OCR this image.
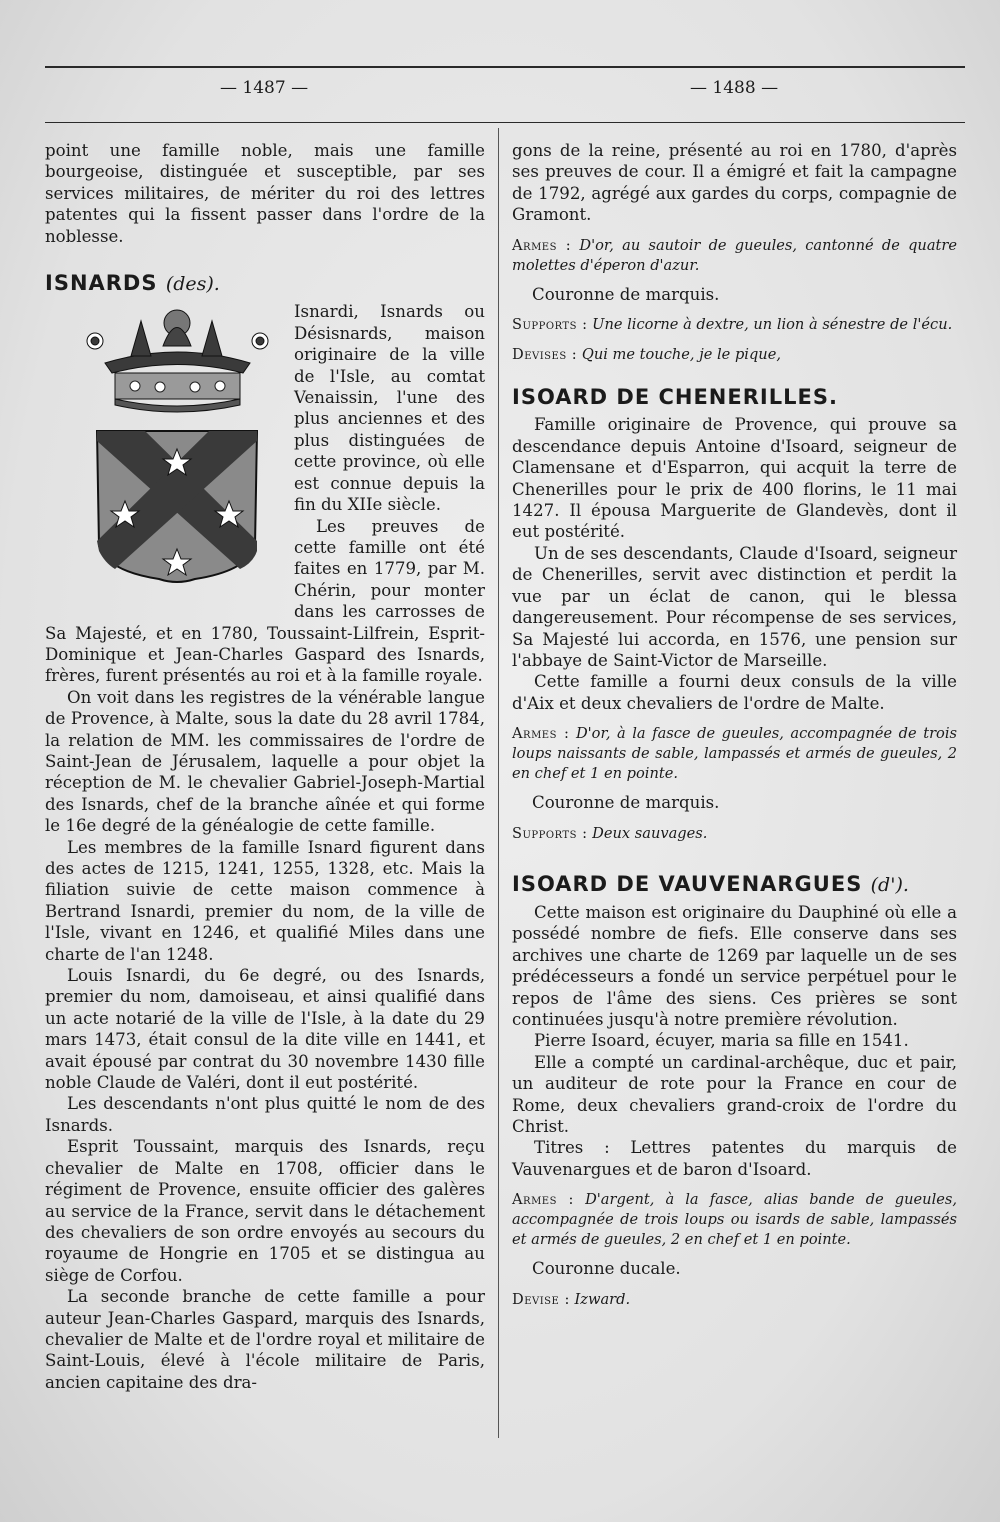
— 1487 —	— 1488 —

point une famille noble, mais une famille bourgeoise, distinguée et susceptible, par ses services militaires, de mériter du roi des lettres patentes qui la fissent passer dans l'ordre de la noblesse.

ISNARDS (des).

Isnardi, Isnards ou Désisnards, maison originaire de la ville de l'Isle, au comtat Venaissin, l'une des plus anciennes et des plus distinguées de cette province, où elle est connue depuis la fin du XIIe siècle.

Les preuves de cette famille ont été faites en 1779, par M. Chérin, pour monter dans les carrosses de Sa Majesté, et en 1780, Toussaint-Lilfrein, Esprit-Dominique et Jean-Charles Gaspard des Isnards, frères, furent présentés au roi et à la famille royale.

On voit dans les registres de la vénérable langue de Provence, à Malte, sous la date du 28 avril 1784, la relation de MM. les commissaires de l'ordre de Saint-Jean de Jérusalem, laquelle a pour objet la réception de M. le chevalier Gabriel-Joseph-Martial des Isnards, chef de la branche aînée et qui forme le 16e degré de la généalogie de cette famille.

Les membres de la famille Isnard figurent dans des actes de 1215, 1241, 1255, 1328, etc. Mais la filiation suivie de cette maison commence à Bertrand Isnardi, premier du nom, de la ville de l'Isle, vivant en 1246, et qualifié Miles dans une charte de l'an 1248.

Louis Isnardi, du 6e degré, ou des Isnards, premier du nom, damoiseau, et ainsi qualifié dans un acte notarié de la ville de l'Isle, à la date du 29 mars 1473, était consul de la dite ville en 1441, et avait épousé par contrat du 30 novembre 1430 fille noble Claude de Valéri, dont il eut postérité.

Les descendants n'ont plus quitté le nom de des Isnards.

Esprit Toussaint, marquis des Isnards, reçu chevalier de Malte en 1708, officier dans le régiment de Provence, ensuite officier des galères au service de la France, servit dans le détachement des chevaliers de son ordre envoyés au secours du royaume de Hongrie en 1705 et se distingua au siège de Corfou.

La seconde branche de cette famille a pour auteur Jean-Charles Gaspard, marquis des Isnards, chevalier de Malte et de l'ordre royal et militaire de Saint-Louis, élevé à l'école militaire de Paris, ancien capitaine des dra-

gons de la reine, présenté au roi en 1780, d'après ses preuves de cour. Il a émigré et fait la campagne de 1792, agrégé aux gardes du corps, compagnie de Gramont.

Armes : D'or, au sautoir de gueules, cantonné de quatre molettes d'éperon d'azur.

Couronne de marquis.

Supports : Une licorne à dextre, un lion à sénestre de l'écu.

Devises : Qui me touche, je le pique,

ISOARD DE CHENERILLES.

Famille originaire de Provence, qui prouve sa descendance depuis Antoine d'Isoard, seigneur de Clamensane et d'Esparron, qui acquit la terre de Chenerilles pour le prix de 400 florins, le 11 mai 1427. Il épousa Marguerite de Glandevès, dont il eut postérité.

Un de ses descendants, Claude d'Isoard, seigneur de Chenerilles, servit avec distinction et perdit la vue par un éclat de canon, qui le blessa dangereusement. Pour récompense de ses services, Sa Majesté lui accorda, en 1576, une pension sur l'abbaye de Saint-Victor de Marseille.

Cette famille a fourni deux consuls de la ville d'Aix et deux chevaliers de l'ordre de Malte.

Armes : D'or, à la fasce de gueules, accompagnée de trois loups naissants de sable, lampassés et armés de gueules, 2 en chef et 1 en pointe.

Couronne de marquis.

Supports : Deux sauvages.

ISOARD DE VAUVENARGUES (d').

Cette maison est originaire du Dauphiné où elle a possédé nombre de fiefs. Elle conserve dans ses archives une charte de 1269 par laquelle un de ses prédécesseurs a fondé un service perpétuel pour le repos de l'âme des siens. Ces prières se sont continuées jusqu'à notre première révolution.

Pierre Isoard, écuyer, maria sa fille en 1541.

Elle a compté un cardinal-archêque, duc et pair, un auditeur de rote pour la France en cour de Rome, deux chevaliers grand-croix de l'ordre du Christ.

Titres : Lettres patentes du marquis de Vauvenargues et de baron d'Isoard.

Armes : D'argent, à la fasce, alias bande de gueules, accompagnée de trois loups ou isards de sable, lampassés et armés de gueules, 2 en chef et 1 en pointe.

Couronne ducale.

Devise : Izward.
